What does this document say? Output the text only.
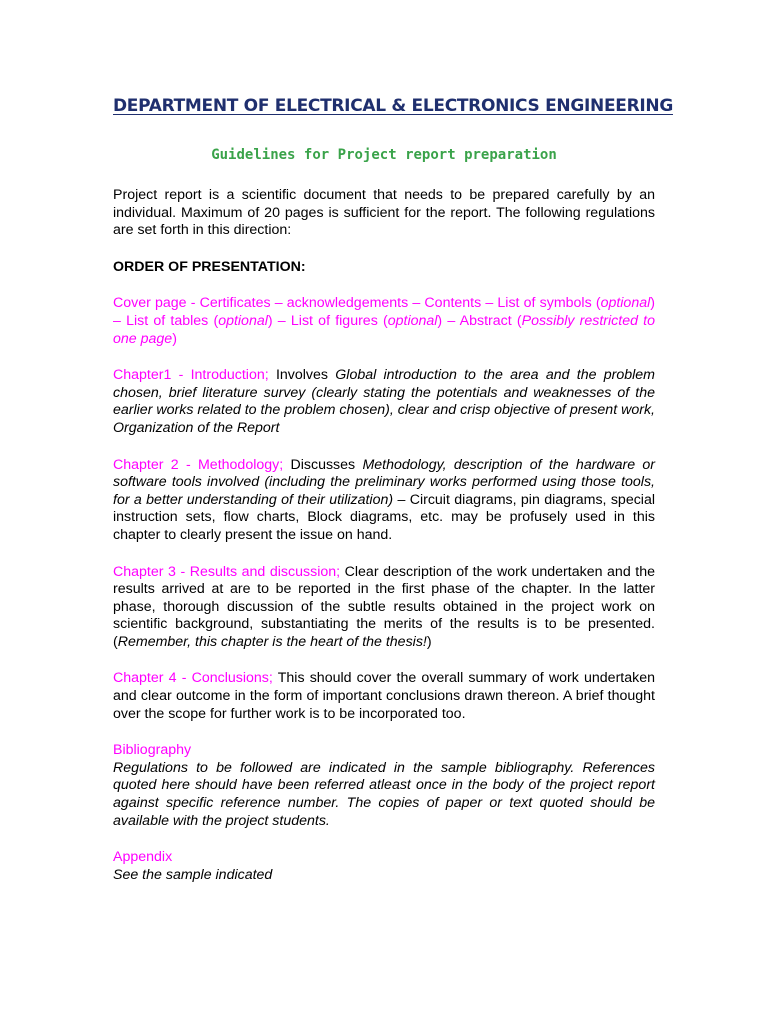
DEPARTMENT OF ELECTRICAL & ELECTRONICS ENGINEERING
Guidelines for Project report preparation

Project report is a scientific document that needs to be prepared carefully by an individual. Maximum of 20 pages is sufficient for the report. The following regulations are set forth in this direction:

ORDER OF PRESENTATION:

Cover page - Certificates – acknowledgements – Contents – List of symbols (optional) – List of tables (optional) – List of figures (optional) – Abstract (Possibly restricted to one page)

Chapter1 - Introduction; Involves Global introduction to the area and the problem chosen, brief literature survey (clearly stating the potentials and weaknesses of the earlier works related to the problem chosen), clear and crisp objective of present work, Organization of the Report

Chapter 2 - Methodology; Discusses Methodology, description of the hardware or software tools involved (including the preliminary works performed using those tools, for a better understanding of their utilization) – Circuit diagrams, pin diagrams, special instruction sets, flow charts, Block diagrams, etc. may be profusely used in this chapter to clearly present the issue on hand.

Chapter 3 - Results and discussion; Clear description of the work undertaken and the results arrived at are to be reported in the first phase of the chapter. In the latter phase, thorough discussion of the subtle results obtained in the project work on scientific background, substantiating the merits of the results is to be presented. (Remember, this chapter is the heart of the thesis!)

Chapter 4 - Conclusions; This should cover the overall summary of work undertaken and clear outcome in the form of important conclusions drawn thereon. A brief thought over the scope for further work is to be incorporated too.

Bibliography
Regulations to be followed are indicated in the sample bibliography. References quoted here should have been referred atleast once in the body of the project report against specific reference number. The copies of paper or text quoted should be available with the project students.

Appendix
See the sample indicated
